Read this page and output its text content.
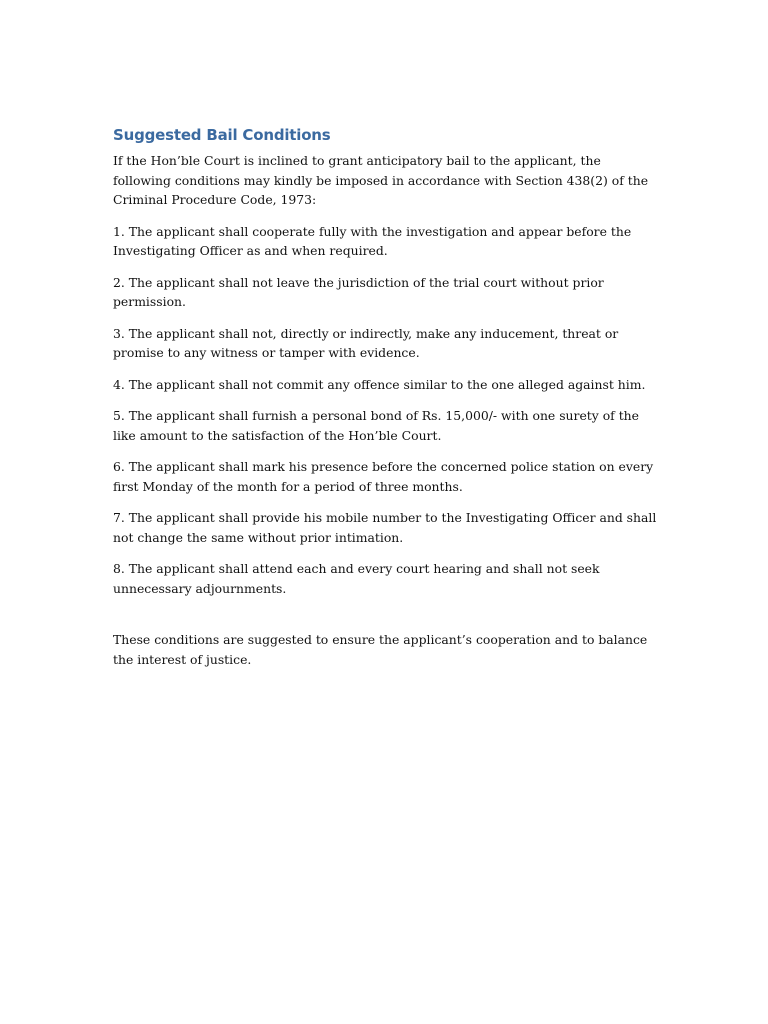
Suggested Bail Conditions

If the Hon’ble Court is inclined to grant anticipatory bail to the applicant, the following conditions may kindly be imposed in accordance with Section 438(2) of the Criminal Procedure Code, 1973:

1. The applicant shall cooperate fully with the investigation and appear before the Investigating Officer as and when required.

2. The applicant shall not leave the jurisdiction of the trial court without prior permission.

3. The applicant shall not, directly or indirectly, make any inducement, threat or promise to any witness or tamper with evidence.

4. The applicant shall not commit any offence similar to the one alleged against him.

5. The applicant shall furnish a personal bond of Rs. 15,000/- with one surety of the like amount to the satisfaction of the Hon’ble Court.

6. The applicant shall mark his presence before the concerned police station on every first Monday of the month for a period of three months.

7. The applicant shall provide his mobile number to the Investigating Officer and shall not change the same without prior intimation.

8. The applicant shall attend each and every court hearing and shall not seek unnecessary adjournments.

These conditions are suggested to ensure the applicant’s cooperation and to balance the interest of justice.
